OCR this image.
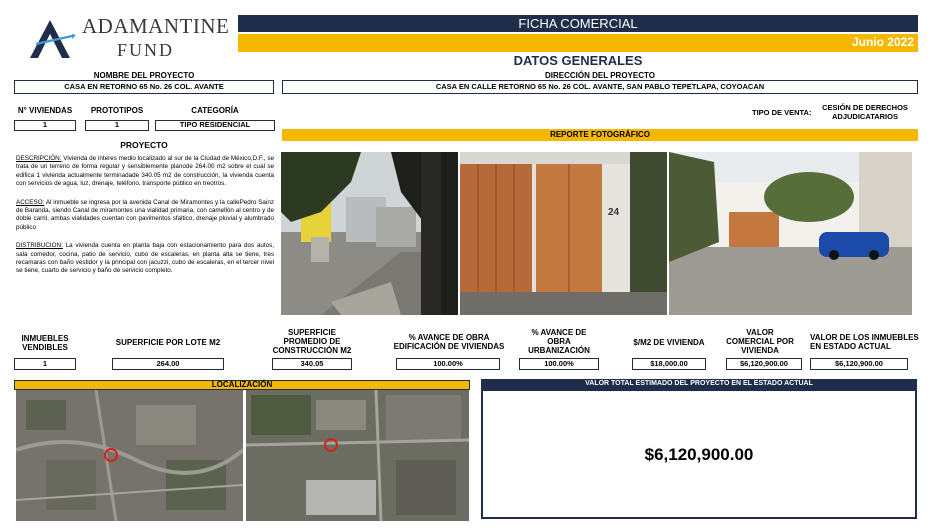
ADAMANTINE
FUND
FICHA COMERCIAL
Junio 2022
DATOS GENERALES
NOMBRE DEL PROYECTO
CASA EN RETORNO 65 No. 26 COL. AVANTE
DIRECCIÓN DEL PROYECTO
CASA EN CALLE RETORNO 65 No. 26 COL. AVANTE, SAN PABLO TEPETLAPA, COYOACAN
N° VIVIENDAS
1
PROTOTIPOS
1
CATEGORÍA
TIPO RESIDENCIAL
TIPO DE VENTA:
CESIÓN DE DERECHOS
ADJUDICATARIOS
PROYECTO
DESCRIPCIÓN: Vivienda de interes medio localizado al sur de la Ciudad de México,D.F., se trata de un terreno de forma regular y sensiblemente planode 264.00 m2 sobre el cual se edifica 1 vivienda actualmente terminadade 340.05 m2 de construcción, la vivienda cuenta con servicios de agua, luz, drenaje, teléfono, transporte público en treotros.
ACCESO: Al inmueble se ingresa por la avenida Canal de Miramontes y la callePedro Sainz de Baranda, siendo Canal de miramontes una vialidad primaria, con camellón al centro y de doble carril, ambas vialidades cuentan con pavimentos sfaltico, drenaje pluvial y alumbrado público
DISTRIBUCION: La vivienda cuenta en planta baja con estacionamiento para dos autos, sala comedor, cocina, patio de servicio, cubo de escaleras, en planta alta se tiene, tres recamaras con baño vestidor y la principal con jacuzzi, cubo de escaleras, en el tercer nivel se tiene, cuarto de servicio y baño de servicio completo.
REPORTE FOTOGRÁFICO
24
INMUEBLES
VENDIBLES
1
SUPERFICIE POR LOTE M2
264.00
SUPERFICIE
PROMEDIO DE
CONSTRUCCIÓN M2
340.05
% AVANCE DE OBRA
EDIFICACIÓN DE VIVIENDAS
100.00%
% AVANCE DE
OBRA
URBANIZACIÓN
100.00%
$/M2 DE VIVIENDA
$18,000.00
VALOR
COMERCIAL POR
VIVIENDA
$6,120,900.00
VALOR DE LOS INMUEBLES
EN ESTADO ACTUAL
$6,120,900.00
LOCALIZACIÓN	VALOR TOTAL ESTIMADO DEL PROYECTO EN EL ESTADO ACTUAL
$6,120,900.00
